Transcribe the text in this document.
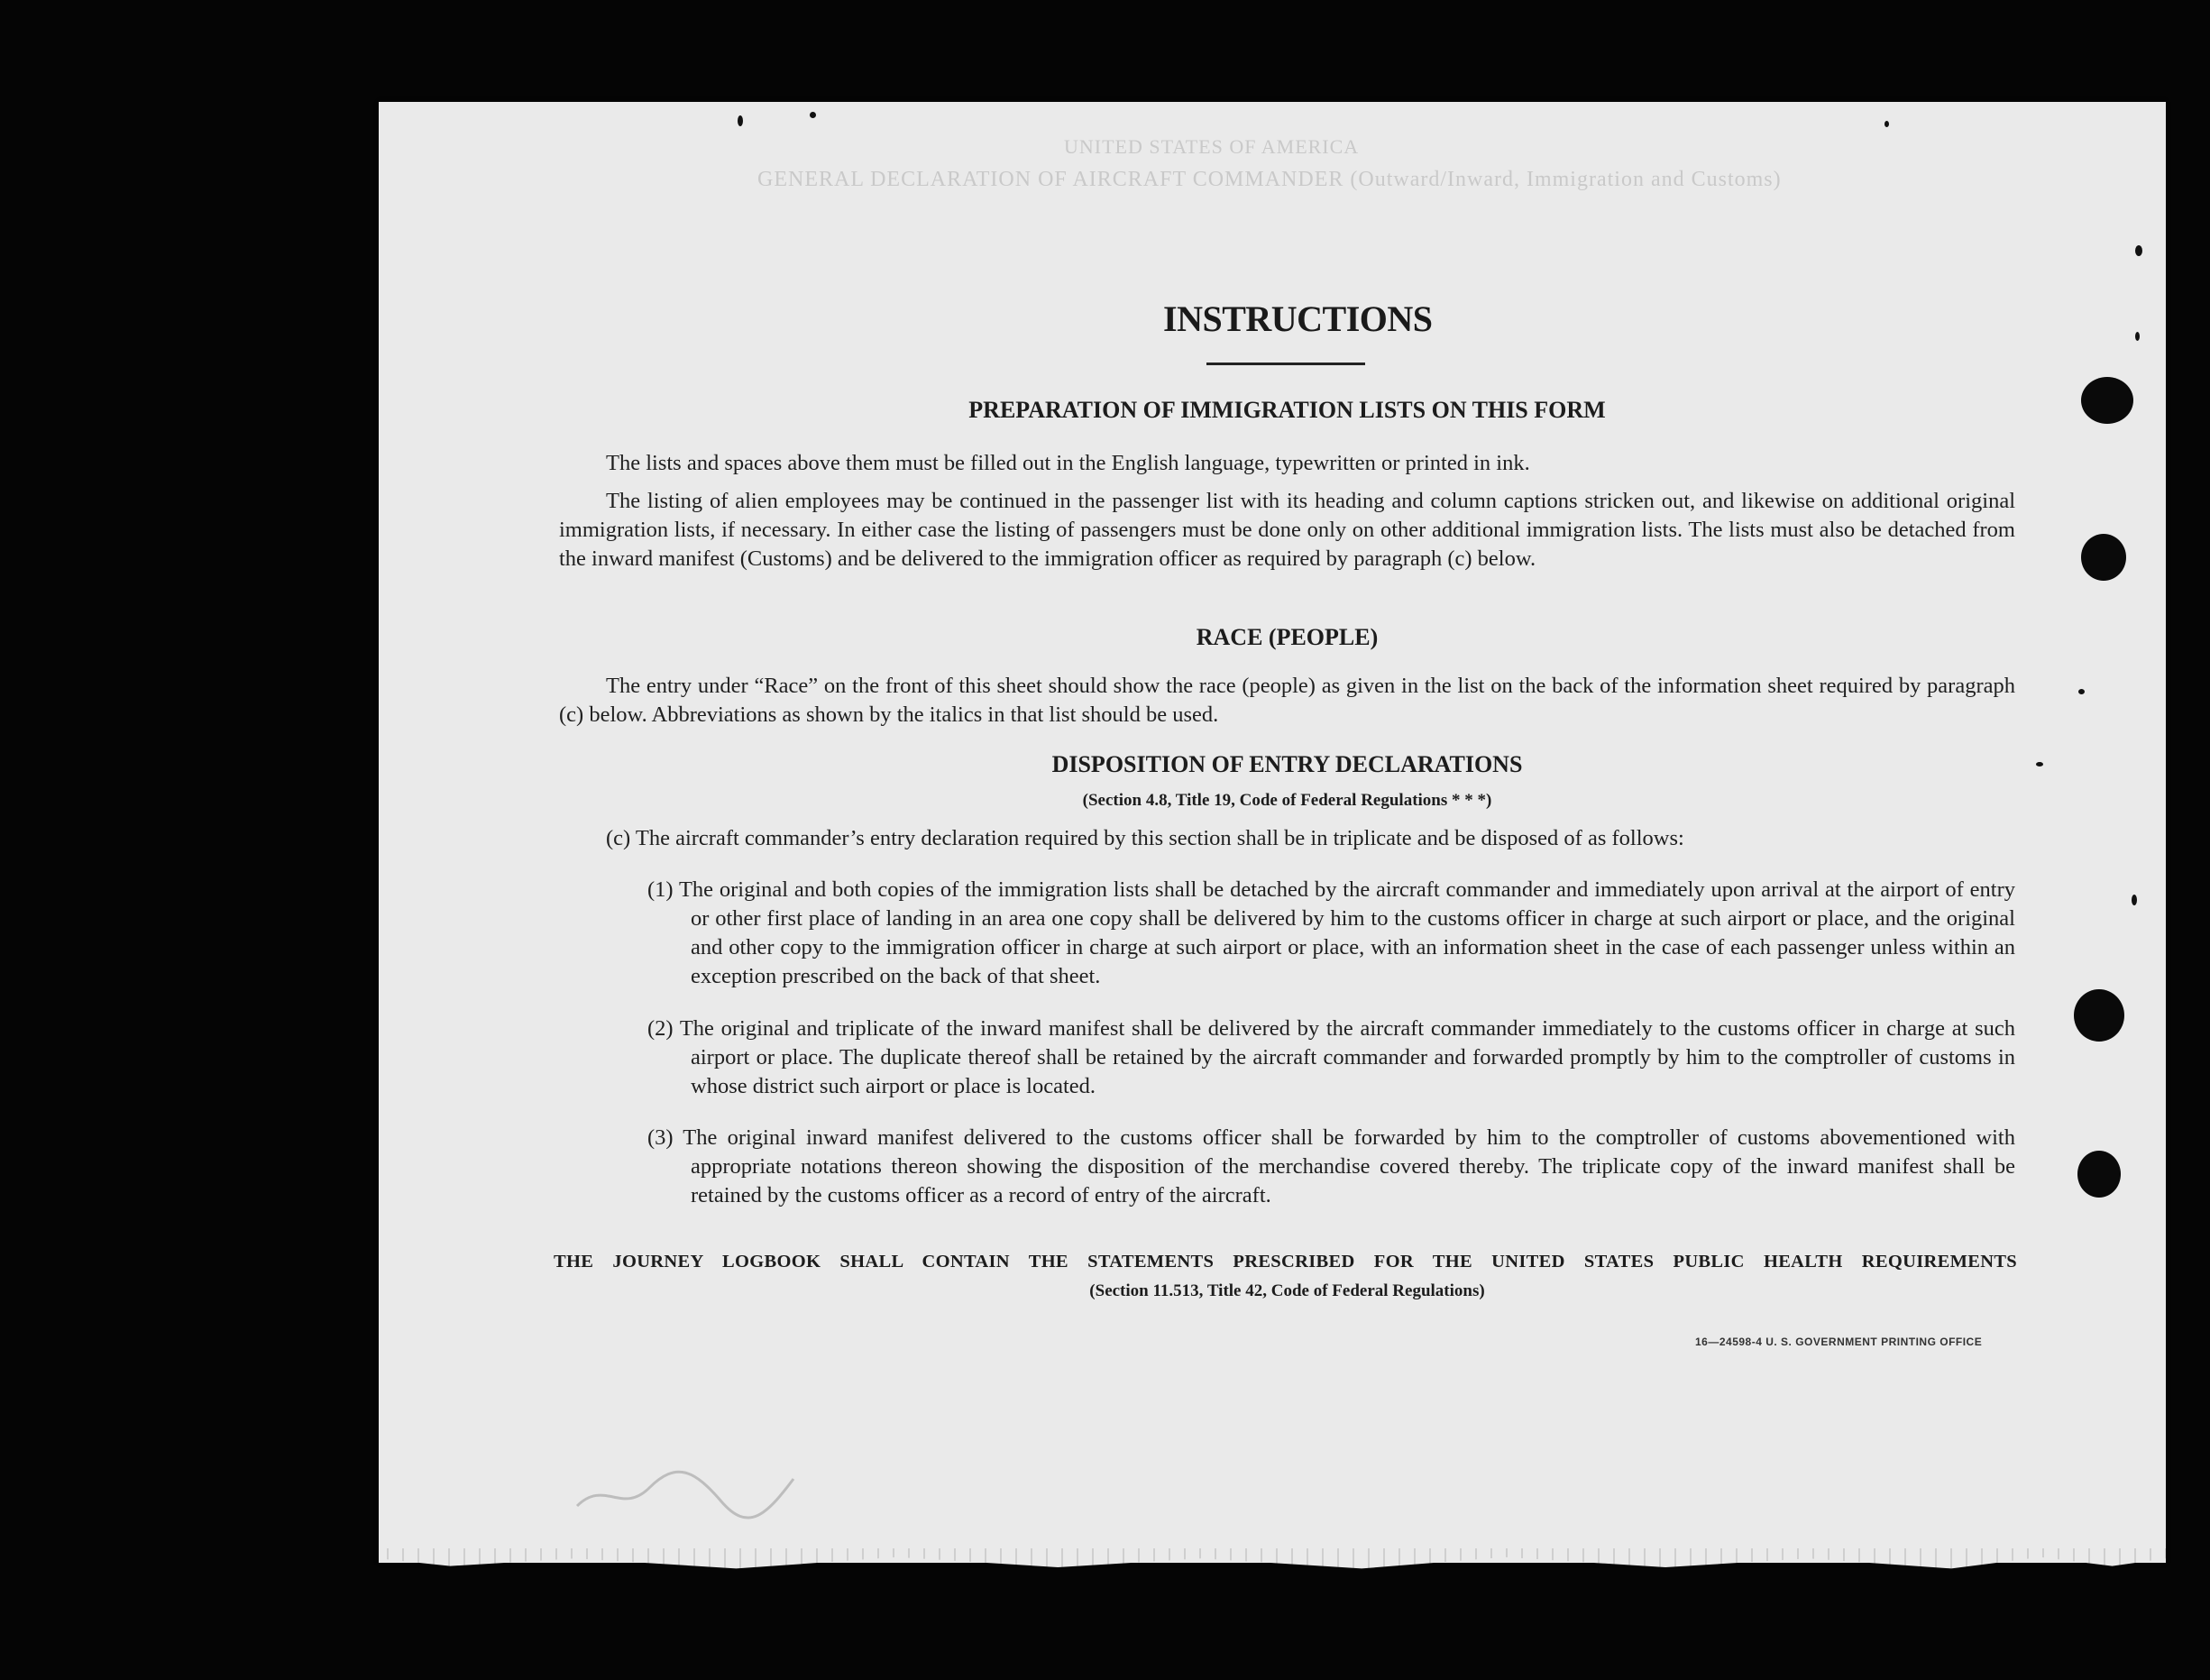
UNITED STATES OF AMERICA
GENERAL DECLARATION OF AIRCRAFT COMMANDER (Outward/Inward, Immigration and Customs)
INSTRUCTIONS
PREPARATION OF IMMIGRATION LISTS ON THIS FORM
The lists and spaces above them must be filled out in the English language, typewritten or printed in ink.
The listing of alien employees may be continued in the passenger list with its heading and column captions stricken out, and likewise on additional original immigration lists, if necessary. In either case the listing of passengers must be done only on other additional immigration lists. The lists must also be detached from the inward manifest (Customs) and be delivered to the immigration officer as required by paragraph (c) below.
RACE (PEOPLE)
The entry under “Race” on the front of this sheet should show the race (people) as given in the list on the back of the information sheet required by paragraph (c) below. Abbreviations as shown by the italics in that list should be used.
DISPOSITION OF ENTRY DECLARATIONS
(Section 4.8, Title 19, Code of Federal Regulations * * *)
(c) The aircraft commander’s entry declaration required by this section shall be in triplicate and be disposed of as follows:
(1) The original and both copies of the immigration lists shall be detached by the aircraft commander and immediately upon arrival at the airport of entry or other first place of landing in an area one copy shall be delivered by him to the customs officer in charge at such airport or place, and the original and other copy to the immigration officer in charge at such airport or place, with an information sheet in the case of each passenger unless within an exception prescribed on the back of that sheet.
(2) The original and triplicate of the inward manifest shall be delivered by the aircraft commander immediately to the customs officer in charge at such airport or place. The duplicate thereof shall be retained by the aircraft commander and forwarded promptly by him to the comptroller of customs in whose district such airport or place is located.
(3) The original inward manifest delivered to the customs officer shall be forwarded by him to the comptroller of customs abovementioned with appropriate notations thereon showing the disposition of the merchandise covered thereby. The triplicate copy of the inward manifest shall be retained by the customs officer as a record of entry of the aircraft.
THE JOURNEY LOGBOOK SHALL CONTAIN THE STATEMENTS PRESCRIBED FOR THE UNITED STATES PUBLIC HEALTH REQUIREMENTS
(Section 11.513, Title 42, Code of Federal Regulations)
16—24598-4 U. S. GOVERNMENT PRINTING OFFICE
